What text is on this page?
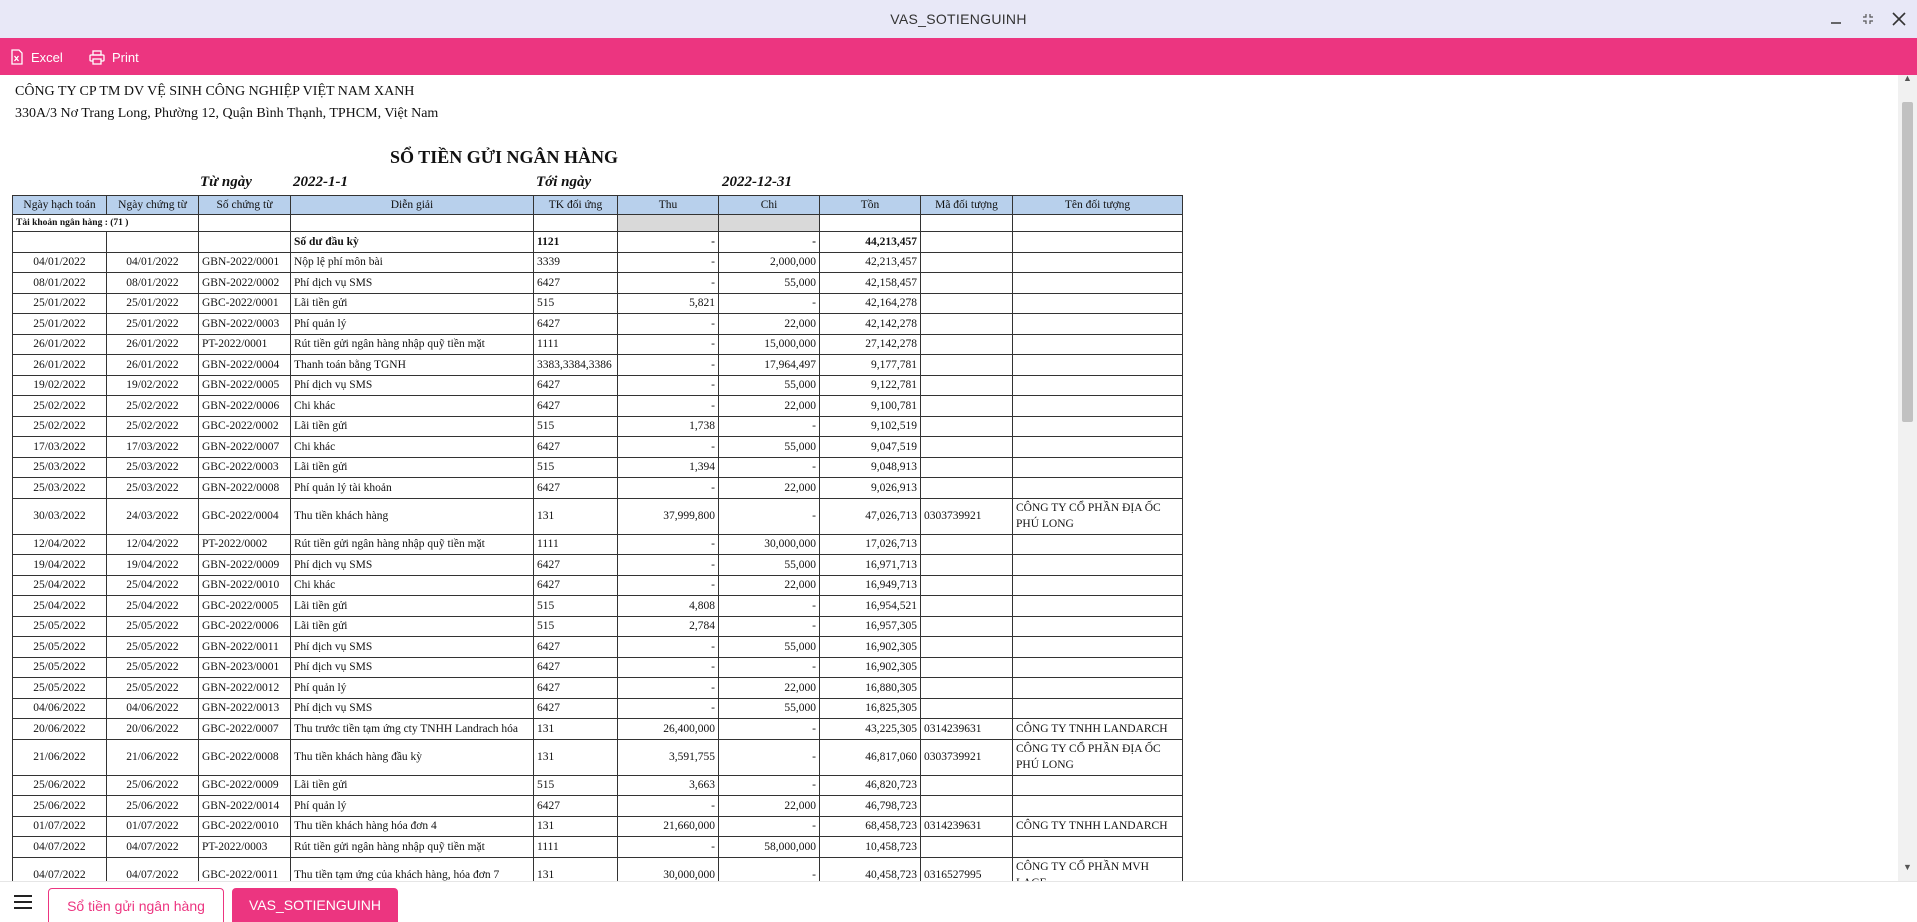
VAS_SOTIENGUINH
Excel	Print
CÔNG TY CP TM DV VỆ SINH CÔNG NGHIỆP VIỆT NAM XANH
330A/3 Nơ Trang Long, Phường 12, Quận Bình Thạnh, TPHCM, Việt Nam
SỔ TIỀN GỬI NGÂN HÀNG
Từ ngày	2022-1-1	Tới ngày	2022-12-31
Ngày hạch toán	Ngày chứng từ	Số chứng từ	Diễn giải	TK đối ứng	Thu	Chi	Tồn	Mã đối tượng	Tên đối tượng
Tài khoản ngân hàng : (71 )									
			Số dư đầu kỳ	1121	-	-	44,213,457		
04/01/2022	04/01/2022	GBN-2022/0001	Nộp lệ phí môn bài	3339	-	2,000,000	42,213,457		
08/01/2022	08/01/2022	GBN-2022/0002	Phí dịch vụ SMS	6427	-	55,000	42,158,457		
25/01/2022	25/01/2022	GBC-2022/0001	Lãi tiền gửi	515	5,821	-	42,164,278		
25/01/2022	25/01/2022	GBN-2022/0003	Phí quản lý	6427	-	22,000	42,142,278		
26/01/2022	26/01/2022	PT-2022/0001	Rút tiền gửi ngân hàng nhập quỹ tiền mặt	1111	-	15,000,000	27,142,278		
26/01/2022	26/01/2022	GBN-2022/0004	Thanh toán bằng TGNH	3383,3384,3386	-	17,964,497	9,177,781		
19/02/2022	19/02/2022	GBN-2022/0005	Phí dịch vụ SMS	6427	-	55,000	9,122,781		
25/02/2022	25/02/2022	GBN-2022/0006	Chi khác	6427	-	22,000	9,100,781		
25/02/2022	25/02/2022	GBC-2022/0002	Lãi tiền gửi	515	1,738	-	9,102,519		
17/03/2022	17/03/2022	GBN-2022/0007	Chi khác	6427	-	55,000	9,047,519		
25/03/2022	25/03/2022	GBC-2022/0003	Lãi tiền gửi	515	1,394	-	9,048,913		
25/03/2022	25/03/2022	GBN-2022/0008	Phí quản lý tài khoản	6427	-	22,000	9,026,913		
30/03/2022	24/03/2022	GBC-2022/0004	Thu tiền khách hàng	131	37,999,800	-	47,026,713	0303739921	CÔNG TY CỔ PHẦN ĐỊA ỐC PHÚ LONG
12/04/2022	12/04/2022	PT-2022/0002	Rút tiền gửi ngân hàng nhập quỹ tiền mặt	1111	-	30,000,000	17,026,713		
19/04/2022	19/04/2022	GBN-2022/0009	Phí dịch vụ SMS	6427	-	55,000	16,971,713		
25/04/2022	25/04/2022	GBN-2022/0010	Chi khác	6427	-	22,000	16,949,713		
25/04/2022	25/04/2022	GBC-2022/0005	Lãi tiền gửi	515	4,808	-	16,954,521		
25/05/2022	25/05/2022	GBC-2022/0006	Lãi tiền gửi	515	2,784	-	16,957,305		
25/05/2022	25/05/2022	GBN-2022/0011	Phí dịch vụ SMS	6427	-	55,000	16,902,305		
25/05/2022	25/05/2022	GBN-2023/0001	Phí dịch vụ SMS	6427	-	-	16,902,305		
25/05/2022	25/05/2022	GBN-2022/0012	Phí quản lý	6427	-	22,000	16,880,305		
04/06/2022	04/06/2022	GBN-2022/0013	Phí dịch vụ SMS	6427	-	55,000	16,825,305		
20/06/2022	20/06/2022	GBC-2022/0007	Thu trước tiền tạm ứng cty TNHH Landrach hóa	131	26,400,000	-	43,225,305	0314239631	CÔNG TY TNHH LANDARCH
21/06/2022	21/06/2022	GBC-2022/0008	Thu tiền khách hàng đầu kỳ	131	3,591,755	-	46,817,060	0303739921	CÔNG TY CỔ PHẦN ĐỊA ỐC PHÚ LONG
25/06/2022	25/06/2022	GBC-2022/0009	Lãi tiền gửi	515	3,663	-	46,820,723		
25/06/2022	25/06/2022	GBN-2022/0014	Phí quản lý	6427	-	22,000	46,798,723		
01/07/2022	01/07/2022	GBC-2022/0010	Thu tiền khách hàng hóa đơn 4	131	21,660,000	-	68,458,723	0314239631	CÔNG TY TNHH LANDARCH
04/07/2022	04/07/2022	PT-2022/0003	Rút tiền gửi ngân hàng nhập quỹ tiền mặt	1111	-	58,000,000	10,458,723		
04/07/2022	04/07/2022	GBC-2022/0011	Thu tiền tạm ứng của khách hàng, hóa đơn 7	131	30,000,000	-	40,458,723	0316527995	CÔNG TY CỔ PHẦN MVH
▲
▼
Sổ tiền gửi ngân hàng	VAS_SOTIENGUINH
